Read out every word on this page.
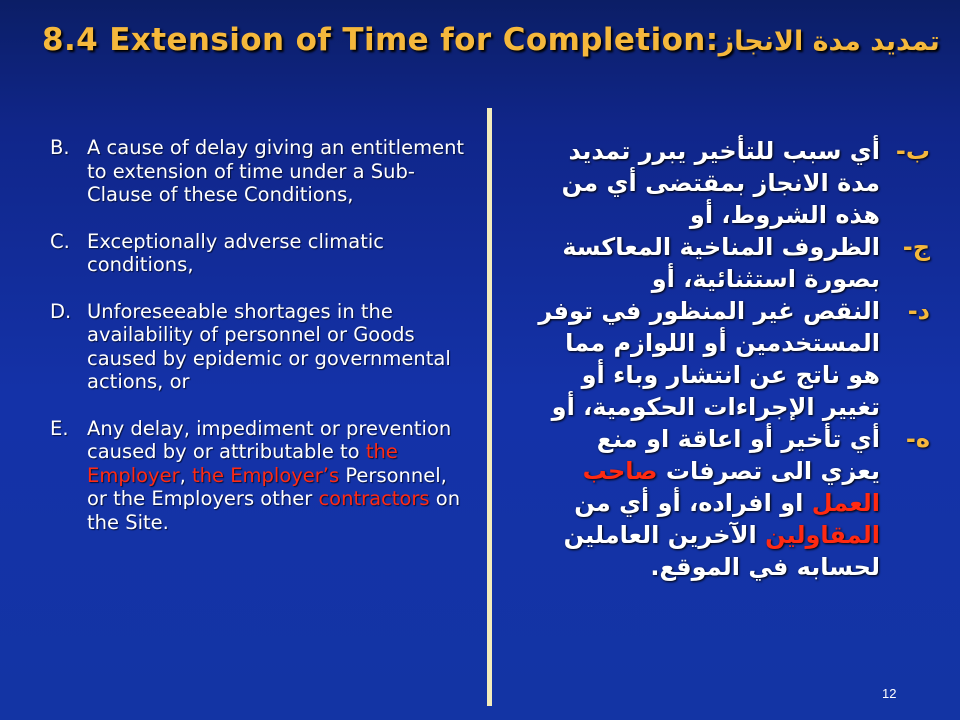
8.4 Extension of Time for Completion:تمديد مدة الانجاز
B. A cause of delay giving an entitlement to extension of time under a Sub-Clause of these Conditions,
C. Exceptionally adverse climatic conditions,
D. Unforeseeable shortages in the availability of personnel or Goods caused by epidemic or governmental actions, or
E. Any delay, impediment or prevention caused by or attributable to the Employer, the Employer’s Personnel, or the Employers other contractors on the Site.
ب-
أي سبب للتأخير يبرر تمديد مدة الانجاز بمقتضى أي من هذه الشروط، أو
ج-
الظروف المناخية المعاكسة بصورة استثنائية، أو
د-
النقص غير المنظور في توفر المستخدمين أو اللوازم مما هو ناتج عن انتشار وباء أو تغيير الإجراءات الحكومية، أو
ه-
أي تأخير أو اعاقة او منع يعزي الى تصرفات صاحب العمل او افراده، أو أي من المقاولين الآخرين العاملين لحسابه في الموقع.
12
